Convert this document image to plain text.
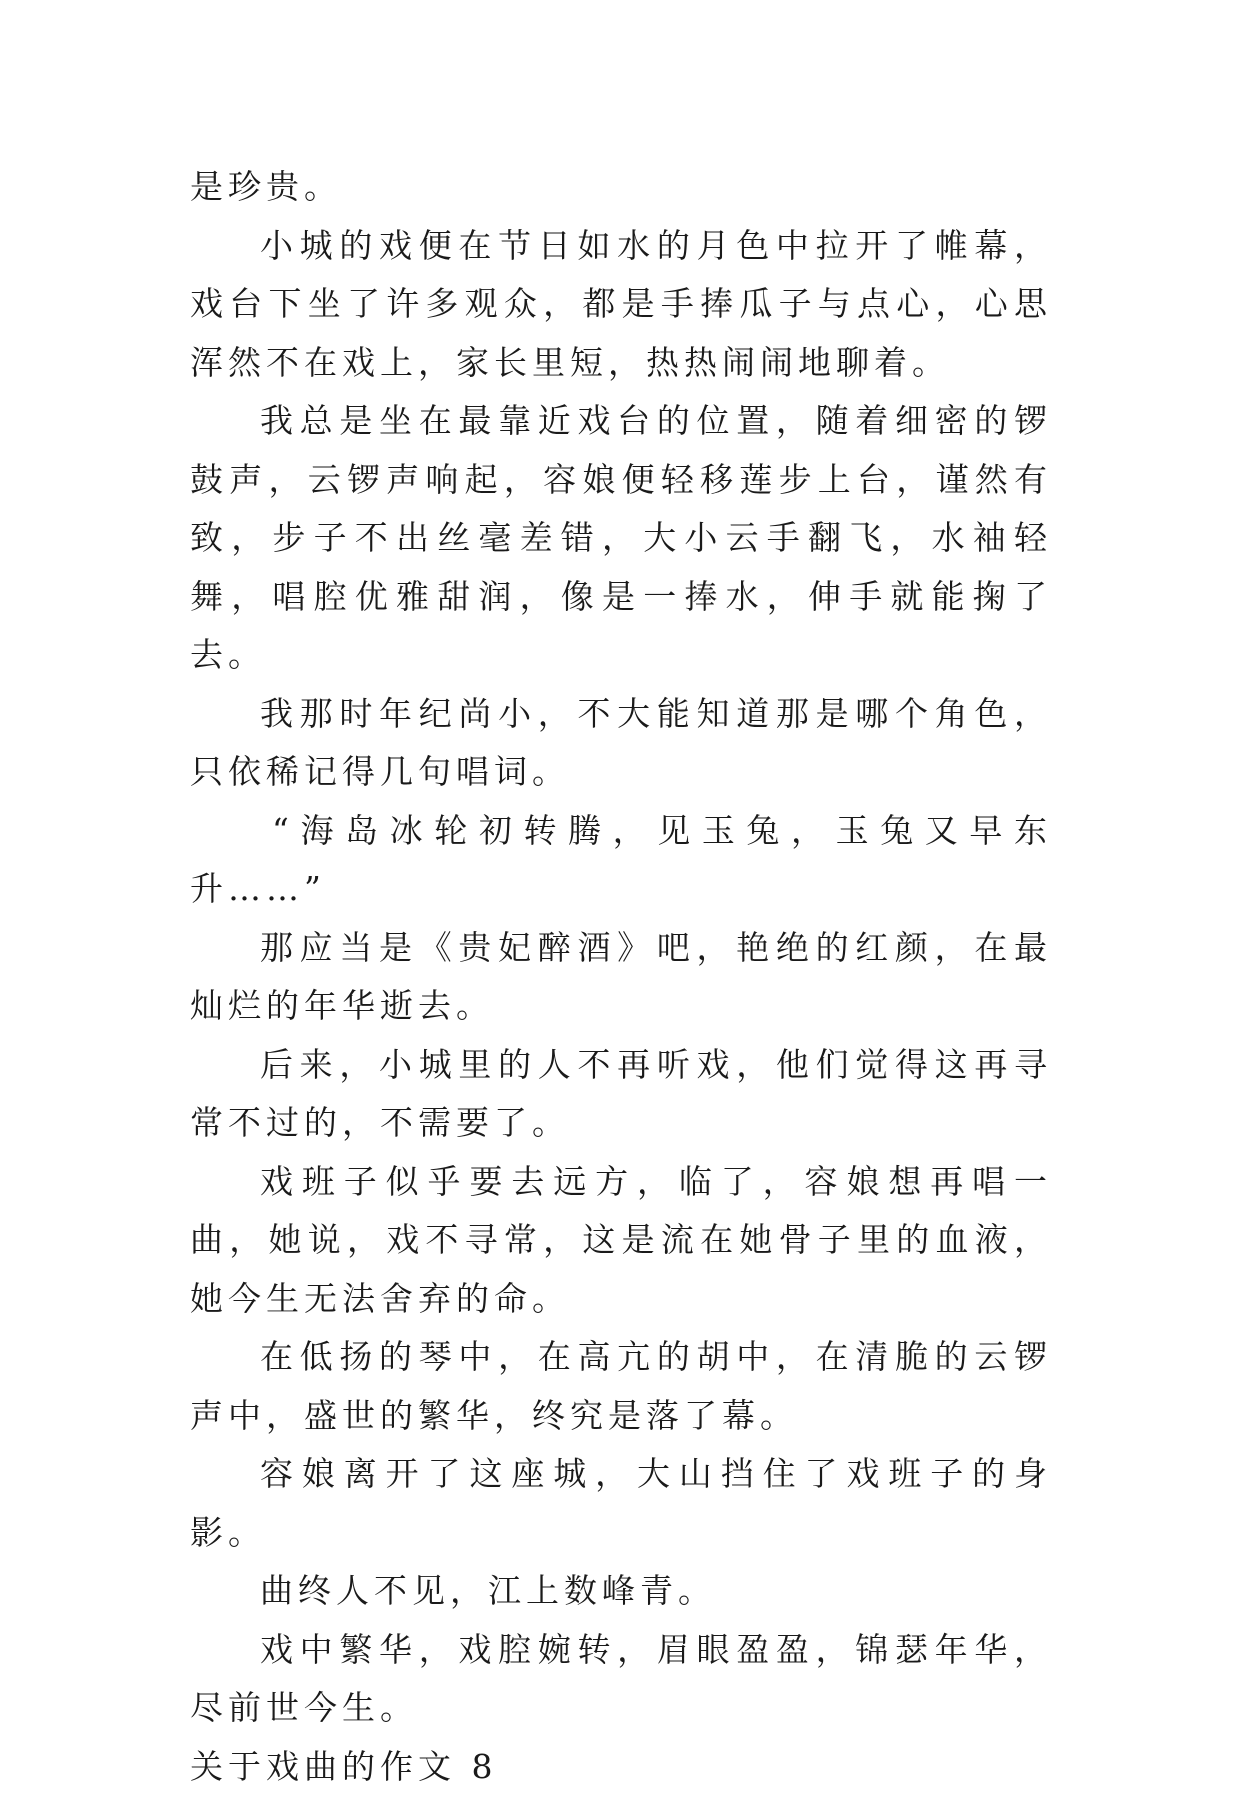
是珍贵。

小城的戏便在节日如水的月色中拉开了帷幕，戏台下坐了许多观众，都是手捧瓜子与点心，心思浑然不在戏上，家长里短，热热闹闹地聊着。

我总是坐在最靠近戏台的位置，随着细密的锣鼓声，云锣声响起，容娘便轻移莲步上台，谨然有致，步子不出丝毫差错，大小云手翻飞，水袖轻舞，唱腔优雅甜润，像是一捧水，伸手就能掬了去。

我那时年纪尚小，不大能知道那是哪个角色，只依稀记得几句唱词。

“海岛冰轮初转腾，见玉兔，玉兔又早东升……”

那应当是《贵妃醉酒》吧，艳绝的红颜，在最灿烂的年华逝去。

后来，小城里的人不再听戏，他们觉得这再寻常不过的，不需要了。

戏班子似乎要去远方，临了，容娘想再唱一曲，她说，戏不寻常，这是流在她骨子里的血液，她今生无法舍弃的命。

在低扬的琴中，在高亢的胡中，在清脆的云锣声中，盛世的繁华，终究是落了幕。

容娘离开了这座城，大山挡住了戏班子的身影。

曲终人不见，江上数峰青。

戏中繁华，戏腔婉转，眉眼盈盈，锦瑟年华，尽前世今生。

关于戏曲的作文 8
